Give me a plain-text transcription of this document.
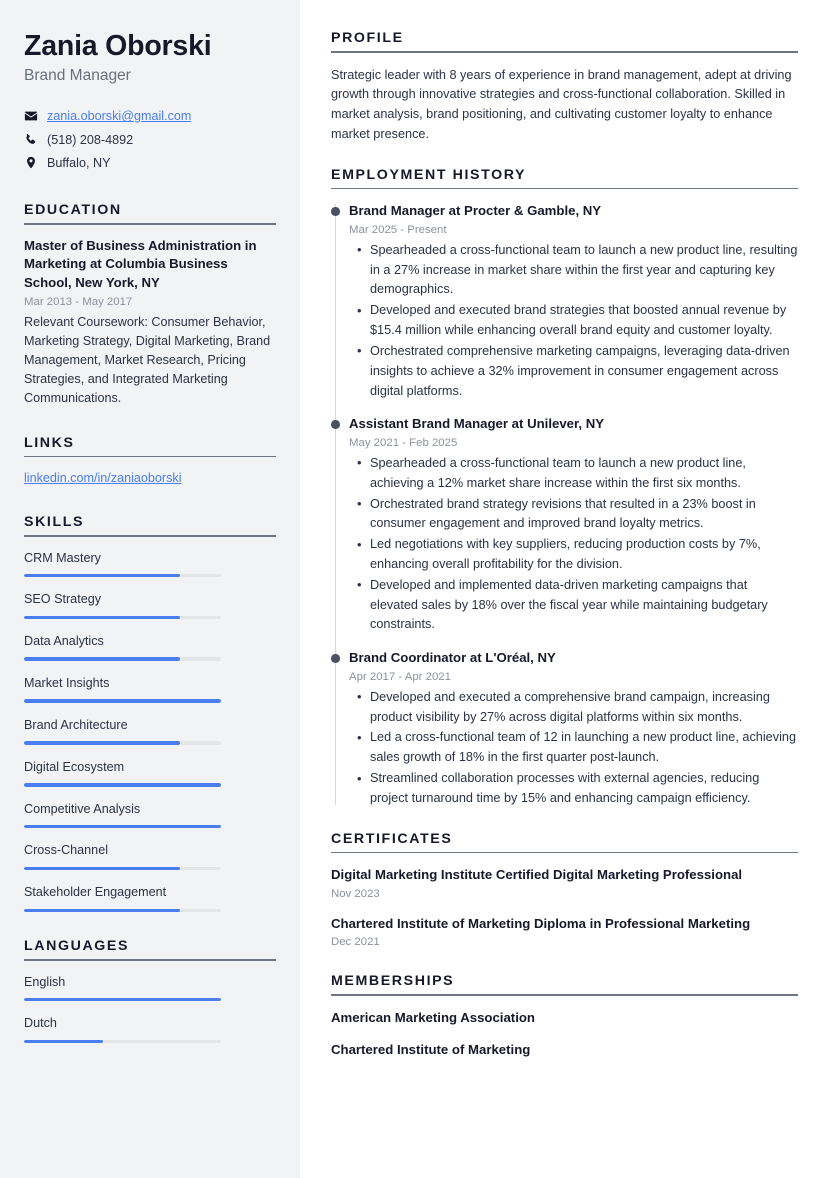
Zania Oborski
Brand Manager
zania.oborski@gmail.com
(518) 208-4892
Buffalo, NY
EDUCATION
Master of Business Administration in Marketing at Columbia Business School, New York, NY
Mar 2013 - May 2017

Relevant Coursework: Consumer Behavior, Marketing Strategy, Digital Marketing, Brand Management, Market Research, Pricing Strategies, and Integrated Marketing Communications.

LINKS
linkedin.com/in/zaniaoborski
SKILLS
CRM Mastery
SEO Strategy
Data Analytics
Market Insights
Brand Architecture
Digital Ecosystem
Competitive Analysis
Cross-Channel
Stakeholder Engagement
LANGUAGES
English
Dutch
PROFILE

Strategic leader with 8 years of experience in brand management, adept at driving growth through innovative strategies and cross-functional collaboration. Skilled in market analysis, brand positioning, and cultivating customer loyalty to enhance market presence.

EMPLOYMENT HISTORY
Brand Manager at Procter & Gamble, NY
Mar 2025 - Present
• Spearheaded a cross-functional team to launch a new product line, resulting in a 27% increase in market share within the first year and capturing key demographics.
• Developed and executed brand strategies that boosted annual revenue by $15.4 million while enhancing overall brand equity and customer loyalty.
• Orchestrated comprehensive marketing campaigns, leveraging data-driven insights to achieve a 32% improvement in consumer engagement across digital platforms.
Assistant Brand Manager at Unilever, NY
May 2021 - Feb 2025
• Spearheaded a cross-functional team to launch a new product line, achieving a 12% market share increase within the first six months.
• Orchestrated brand strategy revisions that resulted in a 23% boost in consumer engagement and improved brand loyalty metrics.
• Led negotiations with key suppliers, reducing production costs by 7%, enhancing overall profitability for the division.
• Developed and implemented data-driven marketing campaigns that elevated sales by 18% over the fiscal year while maintaining budgetary constraints.
Brand Coordinator at L'Oréal, NY
Apr 2017 - Apr 2021
• Developed and executed a comprehensive brand campaign, increasing product visibility by 27% across digital platforms within six months.
• Led a cross-functional team of 12 in launching a new product line, achieving sales growth of 18% in the first quarter post-launch.
• Streamlined collaboration processes with external agencies, reducing project turnaround time by 15% and enhancing campaign efficiency.
CERTIFICATES
Digital Marketing Institute Certified Digital Marketing Professional
Nov 2023
Chartered Institute of Marketing Diploma in Professional Marketing
Dec 2021
MEMBERSHIPS
American Marketing Association
Chartered Institute of Marketing
